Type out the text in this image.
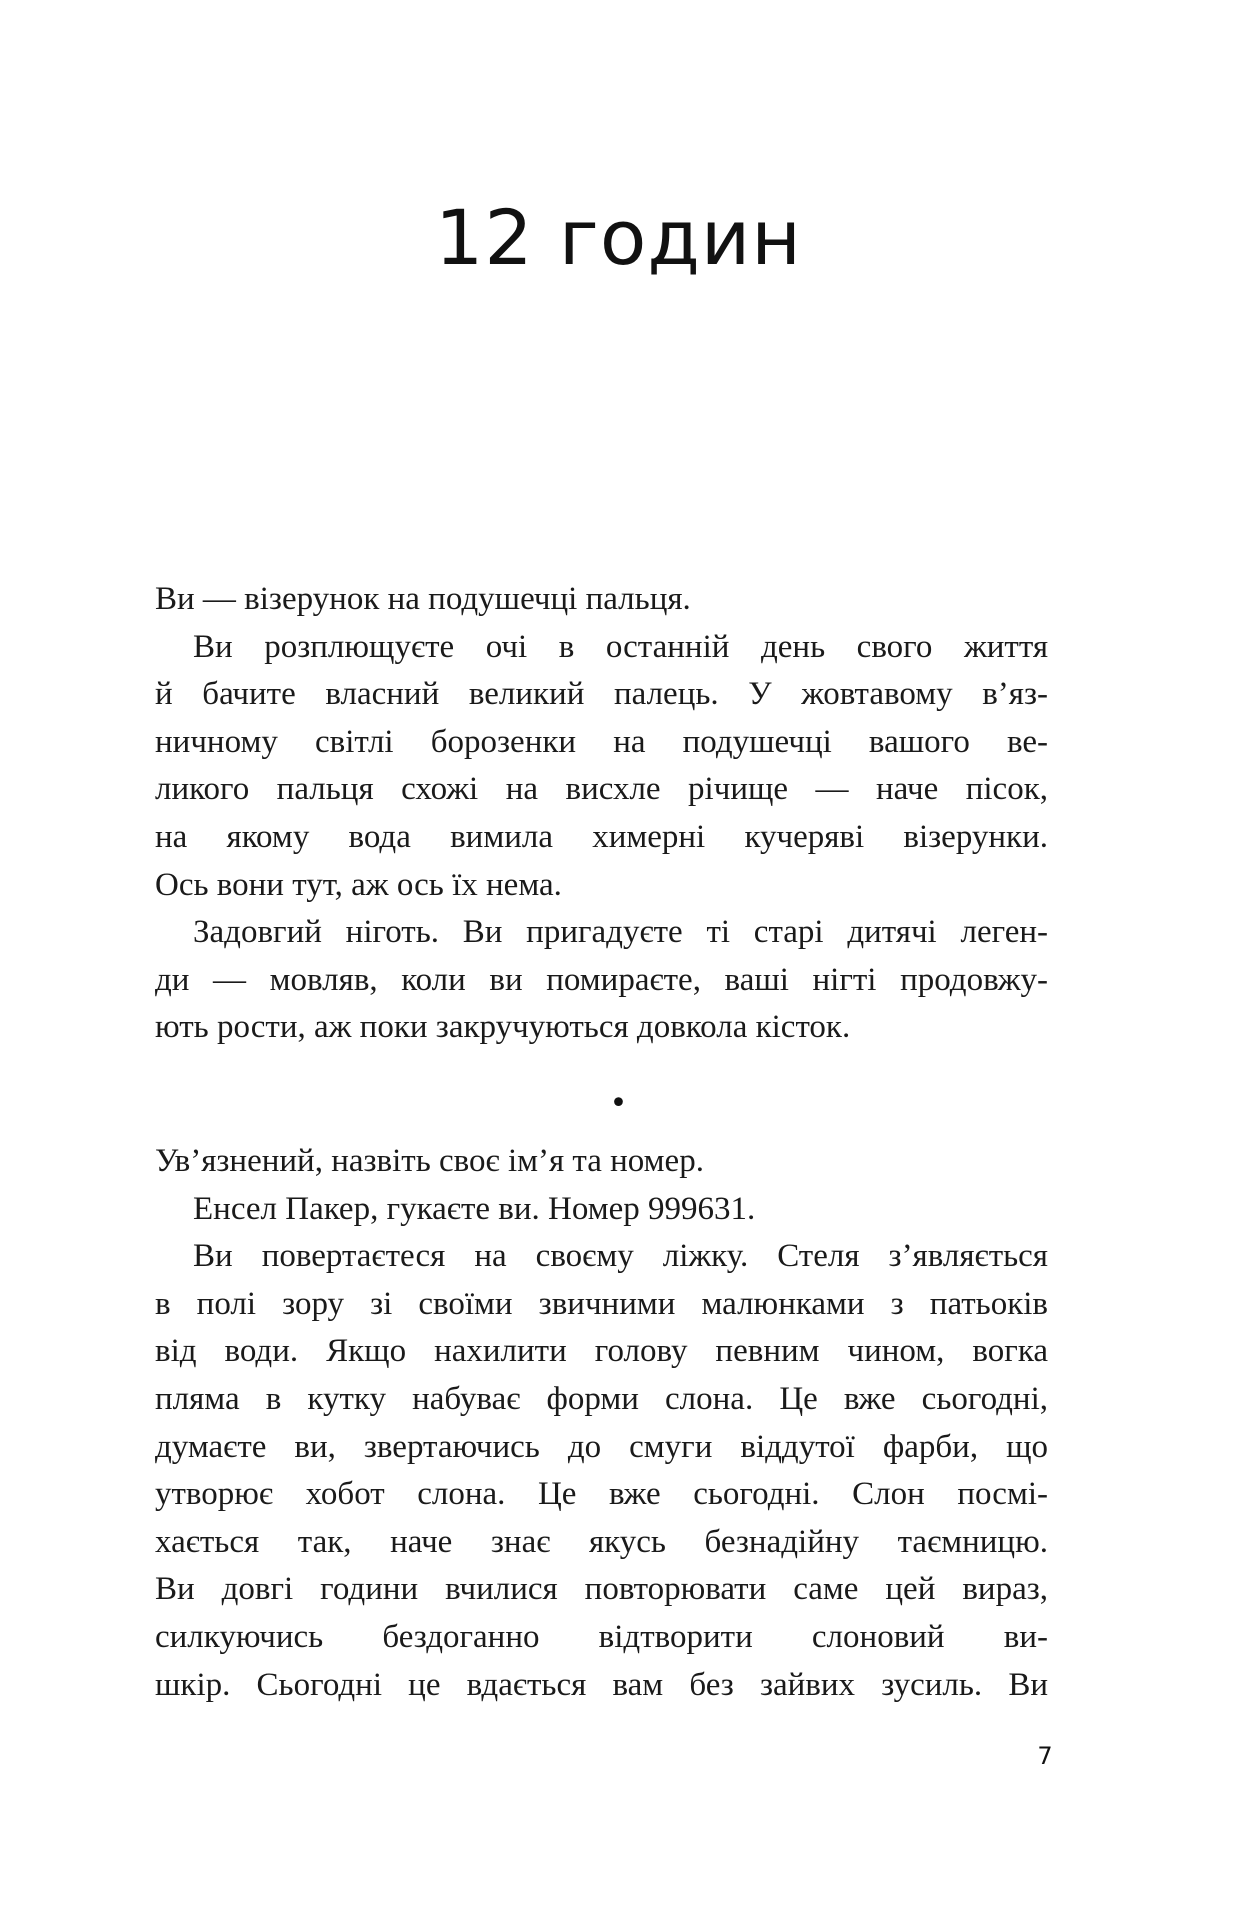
12 годин
Ви — візерунок на подушечці пальця.
Ви розплющуєте очі в останній день свого життя
й бачите власний великий палець. У жовтавому в’яз-
ничному світлі борозенки на подушечці вашого ве-
ликого пальця схожі на висхле річище — наче пісок,
на якому вода вимила химерні кучеряві візерунки.
Ось вони тут, аж ось їх нема.
Задовгий ніготь. Ви пригадуєте ті старі дитячі леген-
ди — мовляв, коли ви помираєте, ваші нігті продовжу-
ють рости, аж поки закручуються довкола кісток.
•
Ув’язнений, назвіть своє ім’я та номер.
Енсел Пакер, гукаєте ви. Номер 999631.
Ви повертаєтеся на своєму ліжку. Стеля з’являється
в полі зору зі своїми звичними малюнками з патьоків
від води. Якщо нахилити голову певним чином, вогка
пляма в кутку набуває форми слона. Це вже сьогодні,
думаєте ви, звертаючись до смуги віддутої фарби, що
утворює хобот слона. Це вже сьогодні. Слон посмі-
хається так, наче знає якусь безнадійну таємницю.
Ви довгі години вчилися повторювати саме цей вираз,
силкуючись бездоганно відтворити слоновий ви-
шкір. Сьогодні це вдається вам без зайвих зусиль. Ви
7
